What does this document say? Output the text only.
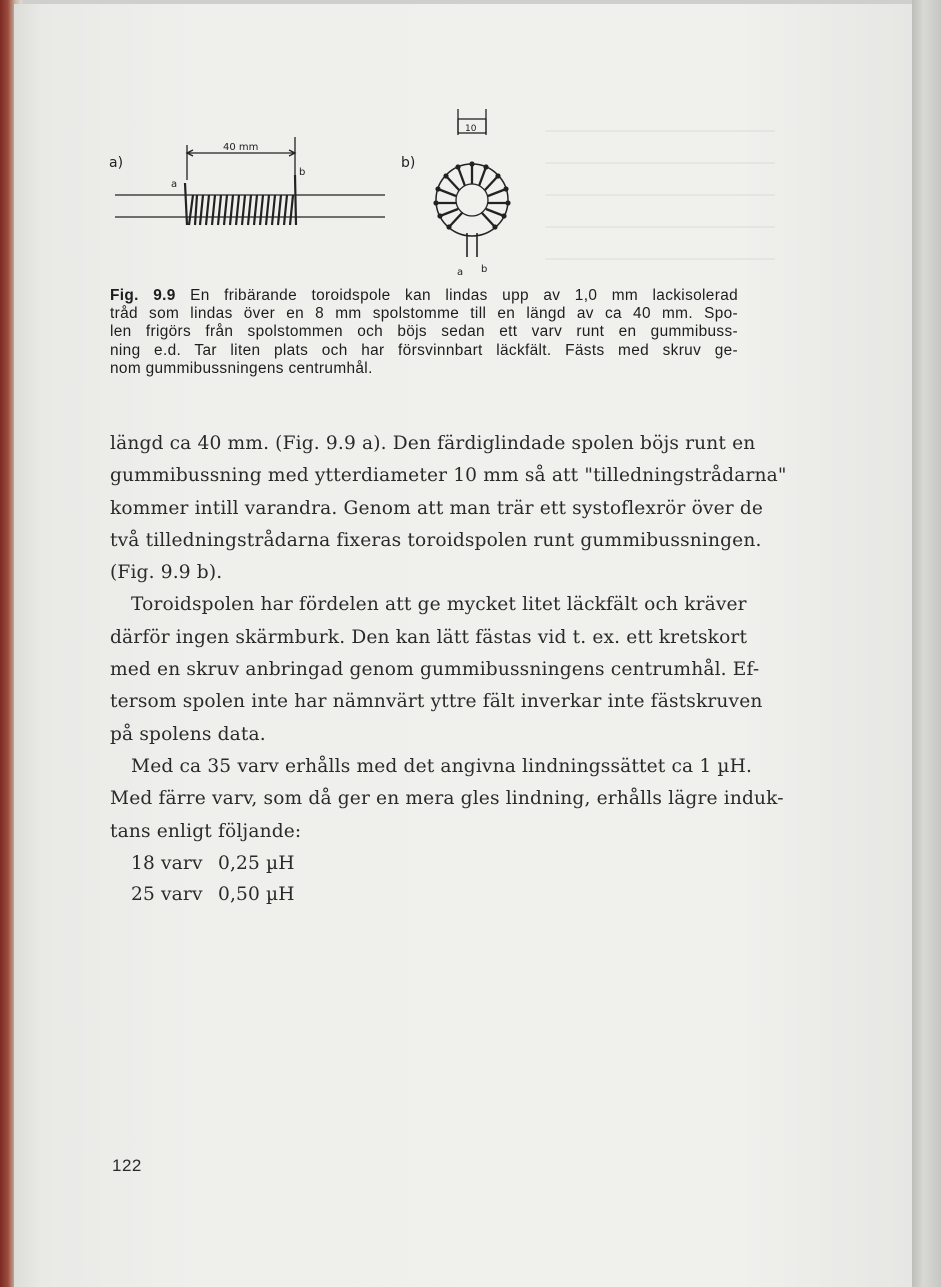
a)
40 mm
a
b
b)
10
a b
Fig. 9.9 En fribärande toroidspole kan lindas upp av 1,0 mm lackisolerad
tråd som lindas över en 8 mm spolstomme till en längd av ca 40 mm. Spo-
len frigörs från spolstommen och böjs sedan ett varv runt en gummibuss-
ning e.d. Tar liten plats och har försvinnbart läckfält. Fästs med skruv ge-
nom gummibussningens centrumhål.
längd ca 40 mm. (Fig. 9.9 a). Den färdiglindade spolen böjs runt en
gummibussning med ytterdiameter 10 mm så att "tilledningstrådarna"
kommer intill varandra. Genom att man trär ett systoflexrör över de
två tilledningstrådarna fixeras toroidspolen runt gummibussningen.
(Fig. 9.9 b).
Toroidspolen har fördelen att ge mycket litet läckfält och kräver
därför ingen skärmburk. Den kan lätt fästas vid t. ex. ett kretskort
med en skruv anbringad genom gummibussningens centrumhål. Ef-
tersom spolen inte har nämnvärt yttre fält inverkar inte fästskruven
på spolens data.
Med ca 35 varv erhålls med det angivna lindningssättet ca 1 µH.
Med färre varv, som då ger en mera gles lindning, erhålls lägre induk-
tans enligt följande:
18 varv 0,25 µH
25 varv 0,50 µH
122
